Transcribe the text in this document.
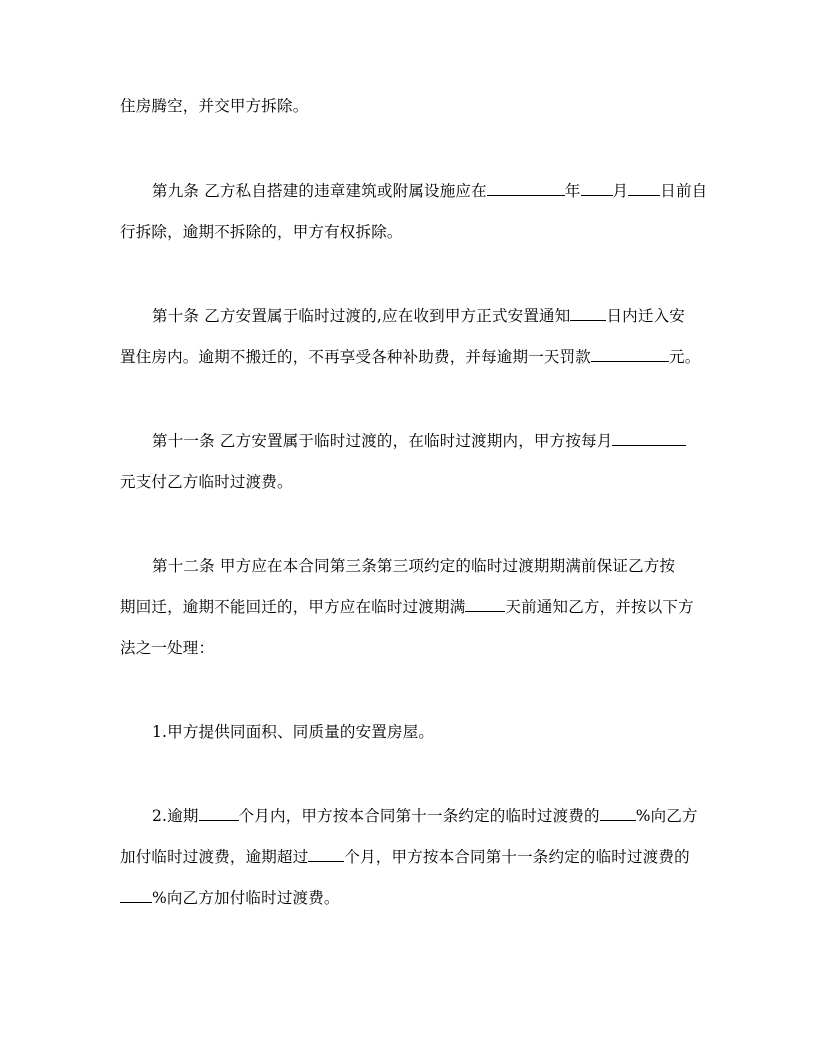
住房腾空，并交甲方拆除。
第九条 乙方私自搭建的违章建筑或附属设施应在	年 月 日前自
行拆除，逾期不拆除的，甲方有权拆除。
第十条 乙方安置属于临时过渡的,应在收到甲方正式安置通知 日内迁入安
置住房内。逾期不搬迁的，不再享受各种补助费，并每逾期一天罚款	元。
第十一条 乙方安置属于临时过渡的，在临时过渡期内，甲方按每月
元支付乙方临时过渡费。
第十二条 甲方应在本合同第三条第三项约定的临时过渡期期满前保证乙方按
期回迁，逾期不能回迁的，甲方应在临时过渡期满	天前通知乙方，并按以下方
法之一处理：
1.甲方提供同面积、同质量的安置房屋。
2.逾期	个月内，甲方按本合同第十一条约定的临时过渡费的 %向乙方
加付临时过渡费，逾期超过 个月，甲方按本合同第十一条约定的临时过渡费的
%向乙方加付临时过渡费。
